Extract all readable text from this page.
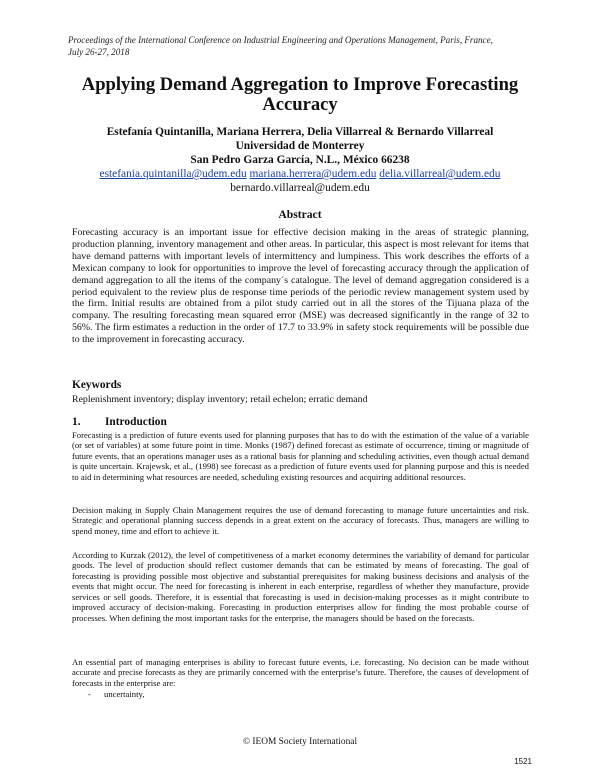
Proceedings of the International Conference on Industrial Engineering and Operations Management, Paris, France,
July 26-27, 2018
Applying Demand Aggregation to Improve Forecasting
Accuracy
Estefanía Quintanilla, Mariana Herrera, Delia Villarreal & Bernardo Villarreal
Universidad de Monterrey
San Pedro Garza García, N.L., México 66238
estefania.quintanilla@udem.edu mariana.herrera@udem.edu delia.villarreal@udem.edu
bernardo.villarreal@udem.edu
Abstract
Forecasting accuracy is an important issue for effective decision making in the areas of strategic planning, production planning, inventory management and other areas. In particular, this aspect is most relevant for items that have demand patterns with important levels of intermittency and lumpiness. This work describes the efforts of a Mexican company to look for opportunities to improve the level of forecasting accuracy through the application of demand aggregation to all the items of the company´s catalogue. The level of demand aggregation considered is a period equivalent to the review plus de response time periods of the periodic review management system used by the firm. Initial results are obtained from a pilot study carried out in all the stores of the Tijuana plaza of the company. The resulting forecasting mean squared error (MSE) was decreased significantly in the range of 32 to 56%. The firm estimates a reduction in the order of 17.7 to 33.9% in safety stock requirements will be possible due to the improvement in forecasting accuracy.
Keywords
Replenishment inventory; display inventory; retail echelon; erratic demand
1. Introduction
Forecasting is a prediction of future events used for planning purposes that has to do with the estimation of the value of a variable (or set of variables) at some future point in time. Monks (1987) defined forecast as estimate of occurrence, timing or magnitude of future events, that an operations manager uses as a rational basis for planning and scheduling activities, even though actual demand is quite uncertain. Krajewsk, et al., (1998) see forecast as a prediction of future events used for planning purpose and this is needed to aid in determining what resources are needed, scheduling existing resources and acquiring additional resources.
Decision making in Supply Chain Management requires the use of demand forecasting to manage future uncertainties and risk. Strategic and operational planning success depends in a great extent on the accuracy of forecasts. Thus, managers are willing to spend money, time and effort to achieve it.
According to Kurzak (2012), the level of competitiveness of a market economy determines the variability of demand for particular goods. The level of production should reflect customer demands that can be estimated by means of forecasting. The goal of forecasting is providing possible most objective and substantial prerequisites for making business decisions and analysis of the events that might occur. The need for forecasting is inherent in each enterprise, regardless of whether they manufacture, provide services or sell goods. Therefore, it is essential that forecasting is used in decision-making processes as it might contribute to improved accuracy of decision-making. Forecasting in production enterprises allow for finding the most probable course of processes. When defining the most important tasks for the enterprise, the managers should be based on the forecasts.
An essential part of managing enterprises is ability to forecast future events, i.e. forecasting. No decision can be made without accurate and precise forecasts as they are primarily concerned with the enterprise’s future. Therefore, the causes of development of forecasts in the enterprise are:
- uncertainty,
© IEOM Society International
1521
